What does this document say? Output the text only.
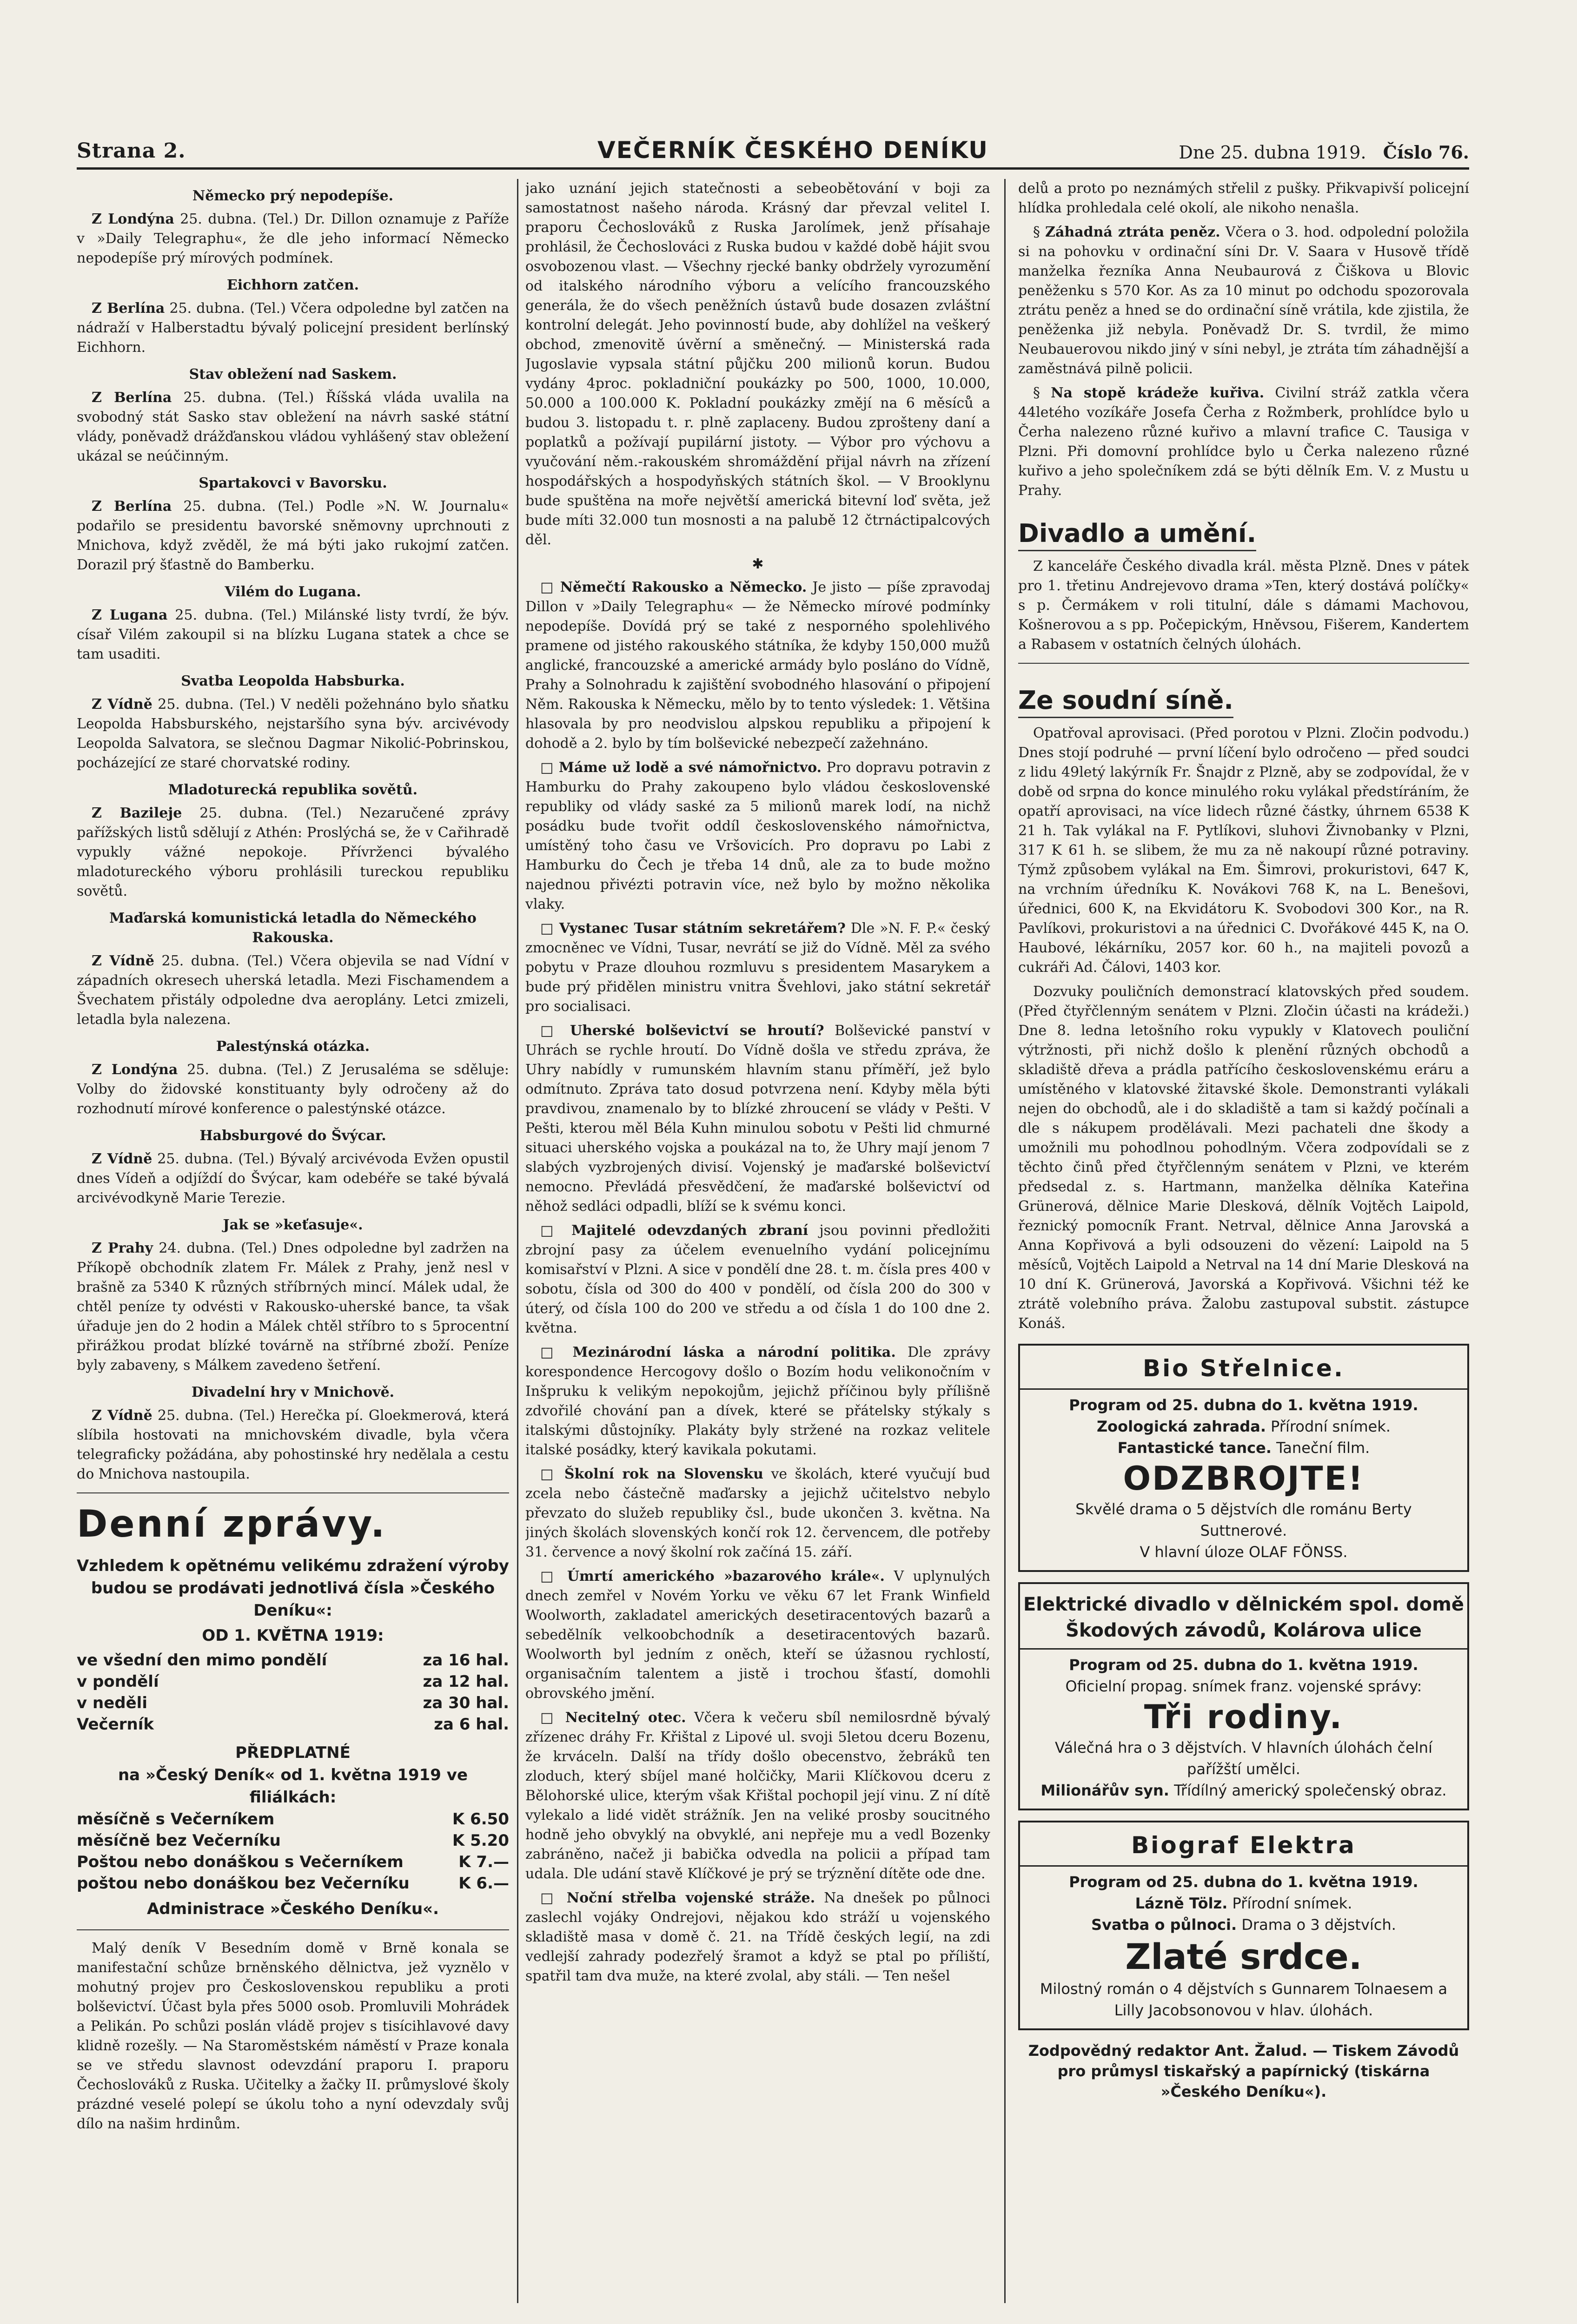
Strana 2.	VEČERNÍK ČESKÉHO DENÍKU	Dne 25. dubna 1919. Číslo 76.
Německo prý nepodepíše.

Z Londýna 25. dubna. (Tel.) Dr. Dillon oznamuje z Paříže v »Daily Telegraphu«, že dle jeho informací Německo nepodepíše prý mírových podmínek.

Eichhorn zatčen.

Z Berlína 25. dubna. (Tel.) Včera odpoledne byl zatčen na nádraží v Halberstadtu bývalý policejní president berlínský Eichhorn.

Stav obležení nad Saskem.

Z Berlína 25. dubna. (Tel.) Říšská vláda uvalila na svobodný stát Sasko stav obležení na návrh saské státní vlády, poněvadž drážďanskou vládou vyhlášený stav obležení ukázal se neúčinným.

Spartakovci v Bavorsku.

Z Berlína 25. dubna. (Tel.) Podle »N. W. Journalu« podařilo se presidentu bavorské sněmovny uprchnouti z Mnichova, když zvěděl, že má býti jako rukojmí zatčen. Dorazil prý šťastně do Bamberku.

Vilém do Lugana.

Z Lugana 25. dubna. (Tel.) Milánské listy tvrdí, že býv. císař Vilém zakoupil si na blízku Lugana statek a chce se tam usaditi.

Svatba Leopolda Habsburka.

Z Vídně 25. dubna. (Tel.) V neděli požehnáno bylo sňatku Leopolda Habsburského, nejstaršího syna býv. arcivévody Leopolda Salvatora, se slečnou Dagmar Nikolić-Pobrinskou, pocházející ze staré chorvatské rodiny.

Mladoturecká republika sovětů.

Z Bazileje 25. dubna. (Tel.) Nezaručené zprávy pařížských listů sdělují z Athén: Proslýchá se, že v Cařihradě vypukly vážné nepokoje. Přívrženci bývalého mladotureckého výboru prohlásili tureckou republiku sovětů.

Maďarská komunistická letadla do Německého Rakouska.

Z Vídně 25. dubna. (Tel.) Včera objevila se nad Vídní v západních okresech uherská letadla. Mezi Fischamendem a Švechatem přistály odpoledne dva aeroplány. Letci zmizeli, letadla byla nalezena.

Palestýnská otázka.

Z Londýna 25. dubna. (Tel.) Z Jerusaléma se sděluje: Volby do židovské konstituanty byly odročeny až do rozhodnutí mírové konference o palestýnské otázce.

Habsburgové do Švýcar.

Z Vídně 25. dubna. (Tel.) Bývalý arcivévoda Evžen opustil dnes Vídeň a odjíždí do Švýcar, kam odebéře se také bývalá arcivévodkyně Marie Terezie.

Jak se »keťasuje«.

Z Prahy 24. dubna. (Tel.) Dnes odpoledne byl zadržen na Příkopě obchodník zlatem Fr. Málek z Prahy, jenž nesl v brašně za 5340 K různých stříbrných mincí. Málek udal, že chtěl peníze ty odvésti v Rakousko-uherské bance, ta však úřaduje jen do 2 hodin a Málek chtěl stříbro to s 5procentní přirážkou prodat blízké továrně na stříbrné zboží. Peníze byly zabaveny, s Málkem zavedeno šetření.

Divadelní hry v Mnichově.

Z Vídně 25. dubna. (Tel.) Herečka pí. Gloekmerová, která slíbila hostovati na mnichovském divadle, byla včera telegraficky požádána, aby pohostinské hry nedělala a cestu do Mnichova nastoupila.

Denní zprávy.
Vzhledem k opětnému velikému zdražení výroby budou se prodávati jednotlivá čísla »Českého Deníku«:
OD 1. KVĚTNA 1919:
ve všední den mimo pondělí	za 16 hal.
v pondělí	za 12 hal.
v neděli	za 30 hal.
Večerník	za 6 hal.
PŘEDPLATNÉ
na »Český Deník« od 1. května 1919 ve filiálkách:
měsíčně s Večerníkem	K 6.50
měsíčně bez Večerníku	K 5.20
Poštou nebo donáškou s Večerníkem	K 7.—
poštou nebo donáškou bez Večerníku	K 6.—
Administrace »Českého Deníku«.

Malý deník V Besedním domě v Brně konala se manifestační schůze brněnského dělnictva, jež vyznělo v mohutný projev pro Československou republiku a proti bolševictví. Účast byla přes 5000 osob. Promluvili Mohrádek a Pelikán. Po schůzi poslán vládě projev s tisícihlavové davy klidně rozešly. — Na Staroměstském náměstí v Praze konala se ve středu slavnost odevzdání praporu I. praporu Čechoslováků z Ruska. Učitelky a žačky II. průmyslové školy prázdné veselé polepí se úkolu toho a nyní odevzdaly svůj dílo na našim hrdinům.

jako uznání jejich statečnosti a sebeobětování v boji za samostatnost našeho národa. Krásný dar převzal velitel I. praporu Čechoslováků z Ruska Jarolímek, jenž přísahaje prohlásil, že Čechoslováci z Ruska budou v každé době hájit svou osvobozenou vlast. — Všechny rjecké banky obdržely vyrozumění od italského národního výboru a velícího francouzského generála, že do všech peněžních ústavů bude dosazen zvláštní kontrolní delegát. Jeho povinností bude, aby dohlížel na veškerý obchod, zmenovitě úvěrní a směnečný. — Ministerská rada Jugoslavie vypsala státní půjčku 200 milionů korun. Budou vydány 4proc. pokladniční poukázky po 500, 1000, 10.000, 50.000 a 100.000 K. Pokladní poukázky změjí na 6 měsíců a budou 3. listopadu t. r. plně zaplaceny. Budou zprošteny daní a poplatků a požívají pupilární jistoty. — Výbor pro výchovu a vyučování něm.-rakouském shromáždění přijal návrh na zřízení hospodářských a hospodyňských státních škol. — V Brooklynu bude spuštěna na moře největší americká bitevní loď světa, jež bude míti 32.000 tun mosnosti a na palubě 12 čtrnáctipalcových děl.

✱

□ Němečtí Rakousko a Německo. Je jisto — píše zpravodaj Dillon v »Daily Telegraphu« — že Německo mírové podmínky nepodepíše. Dovídá prý se také z nesporného spolehlivého pramene od jistého rakouského státníka, že kdyby 150,000 mužů anglické, francouzské a americké armády bylo posláno do Vídně, Prahy a Solnohradu k zajištění svobodného hlasování o připojení Něm. Rakouska k Německu, mělo by to tento výsledek: 1. Většina hlasovala by pro neodvislou alpskou republiku a připojení k dohodě a 2. bylo by tím bolševické nebezpečí zažehnáno.

□ Máme už lodě a své námořnictvo. Pro dopravu potravin z Hamburku do Prahy zakoupeno bylo vládou československé republiky od vlády saské za 5 milionů marek lodí, na nichž posádku bude tvořit oddíl československého námořnictva, umístěný toho času ve Vršovicích. Pro dopravu po Labi z Hamburku do Čech je třeba 14 dnů, ale za to bude možno najednou přivézti potravin více, než bylo by možno několika vlaky.

□ Vystanec Tusar státním sekretářem? Dle »N. F. P.« český zmocněnec ve Vídni, Tusar, nevrátí se již do Vídně. Měl za svého pobytu v Praze dlouhou rozmluvu s presidentem Masarykem a bude prý přidělen ministru vnitra Švehlovi, jako státní sekretář pro socialisaci.

□ Uherské bolševictví se hroutí? Bolševické panství v Uhrách se rychle hroutí. Do Vídně došla ve středu zpráva, že Uhry nabídly v rumunském hlavním stanu příměří, jež bylo odmítnuto. Zpráva tato dosud potvrzena není. Kdyby měla býti pravdivou, znamenalo by to blízké zhroucení se vlády v Pešti. V Pešti, kterou měl Béla Kuhn minulou sobotu v Pešti lid chmurné situaci uherského vojska a poukázal na to, že Uhry mají jenom 7 slabých vyzbrojených divisí. Vojenský je maďarské bolševictví nemocno. Převládá přesvědčení, že maďarské bolševictví od něhož sedláci odpadli, blíží se k svému konci.

□ Majitelé odevzdaných zbraní jsou povinni předložiti zbrojní pasy za účelem evenuelního vydání policejnímu komisařství v Plzni. A sice v pondělí dne 28. t. m. čísla pres 400 v sobotu, čísla od 300 do 400 v pondělí, od čísla 200 do 300 v úterý, od čísla 100 do 200 ve středu a od čísla 1 do 100 dne 2. května.

□ Mezinárodní láska a národní politika. Dle zprávy korespondence Hercogovy došlo o Bozím hodu velikonočním v Inšpruku k velikým nepokojům, jejichž příčinou byly přílišně zdvořilé chování pan a dívek, které se přátelsky stýkaly s italskými důstojníky. Plakáty byly stržené na rozkaz velitele italské posádky, který kavikala pokutami.

□ Školní rok na Slovensku ve školách, které vyučují bud zcela nebo částečně maďarsky a jejichž učitelstvo nebylo převzato do služeb republiky čsl., bude ukončen 3. května. Na jiných školách slovenských končí rok 12. červencem, dle potřeby 31. července a nový školní rok začíná 15. září.

□ Úmrtí amerického »bazarového krále«. V uplynulých dnech zemřel v Novém Yorku ve věku 67 let Frank Winfield Woolworth, zakladatel amerických desetiracentových bazarů a sebedělník velkoobchodník a desetiracentových bazarů. Woolworth byl jedním z oněch, kteří se úžasnou rychlostí, organisačním talentem a jistě i trochou šťastí, domohli obrovského jmění.

□ Necitelný otec. Včera k večeru sbíl nemilosrdně bývalý zřízenec dráhy Fr. Křištal z Lipové ul. svoji 5letou dceru Bozenu, že krváceln. Další na třídy došlo obecenstvo, žebráků ten zloduch, který sbíjel mané holčičky, Marii Klíčkovou dceru z Bělohorské ulice, kterým však Křištal pochopil její vinu. Z ní dítě vylekalo a lidé vidět strážník. Jen na veliké prosby soucitného hodně jeho obvyklý na obvyklé, ani nepřeje mu a vedl Bozenky zabráněno, načež ji babička odvedla na policii a případ tam udala. Dle udání stavě Klíčkové je prý se trýznění dítěte ode dne.

□ Noční střelba vojenské stráže. Na dnešek po půlnoci zaslechl vojáky Ondrejovi, nějakou kdo stráží u vojenského skladiště masa v domě č. 21. na Třídě českých legií, na zdi vedlejší zahrady podezřelý šramot a když se ptal po příliští, spatřil tam dva muže, na které zvolal, aby stáli. — Ten nešel

delů a proto po neznámých střelil z pušky. Přikvapivší policejní hlídka prohledala celé okolí, ale nikoho nenašla.

§ Záhadná ztráta peněz. Včera o 3. hod. odpolední položila si na pohovku v ordinační síni Dr. V. Saara v Husově třídě manželka řezníka Anna Neubaurová z Čiškova u Blovic peněženku s 570 Kor. As za 10 minut po odchodu spozorovala ztrátu peněz a hned se do ordinační síně vrátila, kde zjistila, že peněženka již nebyla. Poněvadž Dr. S. tvrdil, že mimo Neubauerovou nikdo jiný v síni nebyl, je ztráta tím záhadnější a zaměstnává pilně policii.

§ Na stopě krádeže kuřiva. Civilní stráž zatkla včera 44letého vozíkáře Josefa Čerha z Rožmberk, prohlídce bylo u Čerha nalezeno různé kuřivo a mlavní trafice C. Tausiga v Plzni. Při domovní prohlídce bylo u Čerka nalezeno různé kuřivo a jeho společníkem zdá se býti dělník Em. V. z Mustu u Prahy.

Divadlo a umění.

Z kanceláře Českého divadla král. města Plzně. Dnes v pátek pro 1. třetinu Andrejevovo drama »Ten, který dostává políčky« s p. Čermákem v roli titulní, dále s dámami Machovou, Košnerovou a s pp. Počepickým, Hněvsou, Fišerem, Kandertem a Rabasem v ostatních čelných úlohách.

Ze soudní síně.

Opatřoval aprovisaci. (Před porotou v Plzni. Zločin podvodu.) Dnes stojí podruhé — první líčení bylo odročeno — před soudci z lidu 49letý lakýrník Fr. Šnajdr z Plzně, aby se zodpovídal, že v době od srpna do konce minulého roku vylákal předstíráním, že opatří aprovisaci, na více lidech různé částky, úhrnem 6538 K 21 h. Tak vylákal na F. Pytlíkovi, sluhovi Živnobanky v Plzni, 317 K 61 h. se slibem, že mu za ně nakoupí různé potraviny. Týmž způsobem vylákal na Em. Šimrovi, prokuristovi, 647 K, na vrchním úředníku K. Novákovi 768 K, na L. Benešovi, úřednici, 600 K, na Ekvidátoru K. Svobodovi 300 Kor., na R. Pavlíkovi, prokuristovi a na úřednici C. Dvořákové 445 K, na O. Haubové, lékárníku, 2057 kor. 60 h., na majiteli povozů a cukráři Ad. Čálovi, 1403 kor.

Dozvuky pouličních demonstrací klatovských před soudem. (Před čtyřčlenným senátem v Plzni. Zločin účasti na krádeži.) Dne 8. ledna letošního roku vypukly v Klatovech pouliční výtržnosti, při nichž došlo k plenění různých obchodů a skladiště dřeva a prádla patřícího československému eráru a umístěného v klatovské žitavské škole. Demonstranti vylákali nejen do obchodů, ale i do skladiště a tam si každý počínali a dle s nákupem prodělávali. Mezi pachateli dne škody a umožnili mu pohodlnou pohodlným. Včera zodpovídali se z těchto činů před čtyřčlenným senátem v Plzni, ve kterém předsedal z. s. Hartmann, manželka dělníka Kateřina Grünerová, dělnice Marie Dlesková, dělník Vojtěch Laipold, řeznický pomocník Frant. Netrval, dělnice Anna Jarovská a Anna Kopřivová a byli odsouzeni do vězení: Laipold na 5 měsíců, Vojtěch Laipold a Netrval na 14 dní Marie Dlesková na 10 dní K. Grünerová, Javorská a Kopřivová. Všichni též ke ztrátě volebního práva. Žalobu zastupoval substit. zástupce Konáš.

Bio Střelnice.
Program od 25. dubna do 1. května 1919.
Zoologická zahrada. Přírodní snímek.
Fantastické tance. Taneční film.
ODZBROJTE!
Skvělé drama o 5 dějstvích dle románu Berty Suttnerové.
V hlavní úloze OLAF FÖNSS.
Elektrické divadlo v dělnickém spol. domě Škodových závodů, Kolárova ulice
Program od 25. dubna do 1. května 1919.
Oficielní propag. snímek franz. vojenské správy:
Tři rodiny.
Válečná hra o 3 dějstvích. V hlavních úlohách čelní pařížští umělci.
Milionářův syn. Třídílný americký společenský obraz.
Biograf Elektra
Program od 25. dubna do 1. května 1919.
Lázně Tölz. Přírodní snímek.
Svatba o půlnoci. Drama o 3 dějstvích.
Zlaté srdce.
Milostný román o 4 dějstvích s Gunnarem Tolnaesem a Lilly Jacobsonovou v hlav. úlohách.
Zodpovědný redaktor Ant. Žalud. — Tiskem Závodů pro průmysl tiskařský a papírnický (tiskárna »Českého Deníku«).
